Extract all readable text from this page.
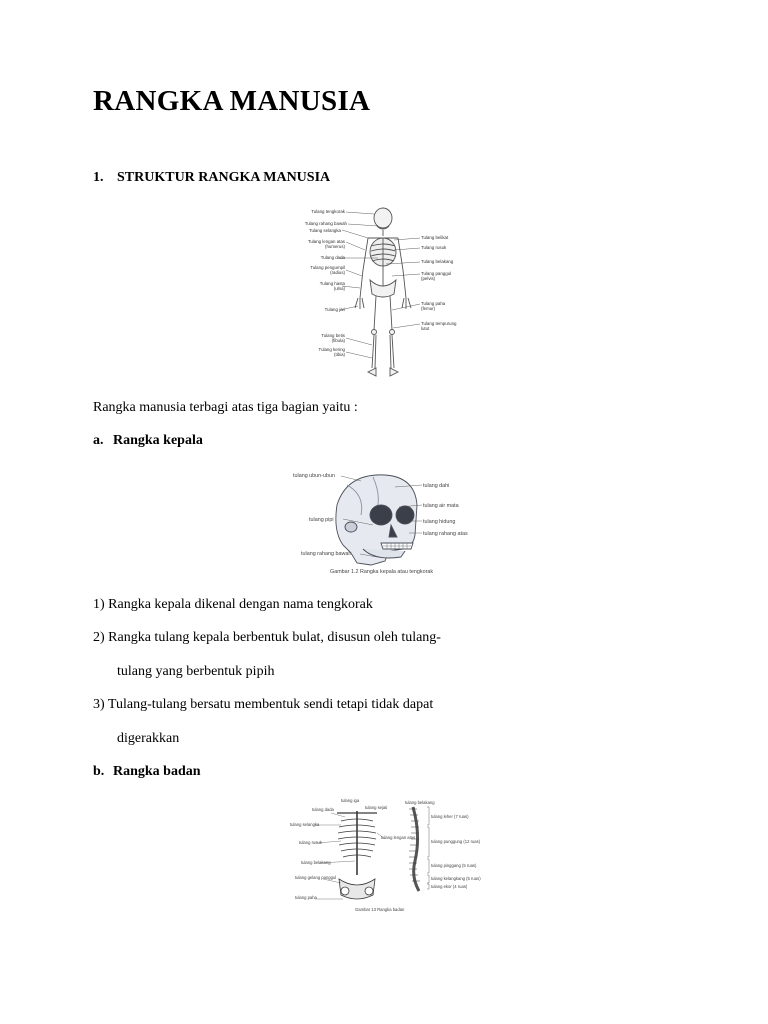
RANGKA MANUSIA
1. STRUKTUR RANGKA MANUSIA
Tulang tengkorak
Tulang rahang bawah
Tulang selangka
Tulang lengan atas
(humerus)
Tulang dada
Tulang pengumpil
(radius)
Tulang hasta
(ulna)
Tulang jari
Tulang betis
(fibula)
Tulang kering
(tibia)
Tulang belikat
Tulang rusuk
Tulang belakang
Tulang panggul
(pelvis)
Tulang paha
(femur)
Tulang tempurung
lutut
Rangka manusia terbagi atas tiga bagian yaitu :
a. Rangka kepala
tulang ubun-ubun
tulang dahi
tulang air mata
tulang pipi	tulang hidung
tulang rahang atas
tulang rahang bawah
Gambar 1.2 Rangka kepala atau tengkorak
1) Rangka kepala dikenal dengan nama tengkorak
2) Rangka tulang kepala berbentuk bulat, disusun oleh tulang-
tulang yang berbentuk pipih
3) Tulang-tulang bersatu membentuk sendi tetapi tidak dapat
digerakkan
b. Rangka badan
tulang iga
tulang dada	tulang sejati
tulang belakang
tulang selangka
tulang rusuk
tulang belakang
tulang gelang panggul
tulang paha
tulang lengan atas
tulang leher (7 ruas)
tulang punggung (12 ruas)
tulang pinggang (5 ruas)
tulang kelangkang (5 ruas)
tulang ekor (4 ruas)
Gambar 13 Rangka badan
